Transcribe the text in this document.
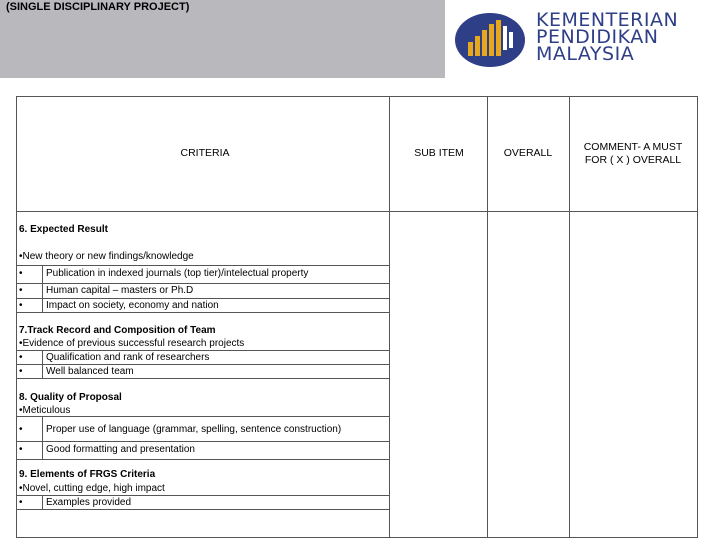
(SINGLE DISCIPLINARY PROJECT)
KEMENTERIAN
PENDIDIKAN
MALAYSIA
CRITERIA	SUB ITEM	OVERALL	COMMENT- A MUST FOR ( X ) OVERALL
6. Expected Result
•New theory or new findings/knowledge
• Publication in indexed journals (top tier)/intelectual property
• Human capital – masters or Ph.D
• Impact on society, economy and nation
7.Track Record and Composition of Team
•Evidence of previous successful research projects
• Qualification and rank of researchers
• Well balanced team
8. Quality of Proposal
•Meticulous
• Proper use of language (grammar, spelling, sentence construction)
• Good formatting and presentation
9. Elements of FRGS Criteria
•Novel, cutting edge, high impact
• Examples provided
